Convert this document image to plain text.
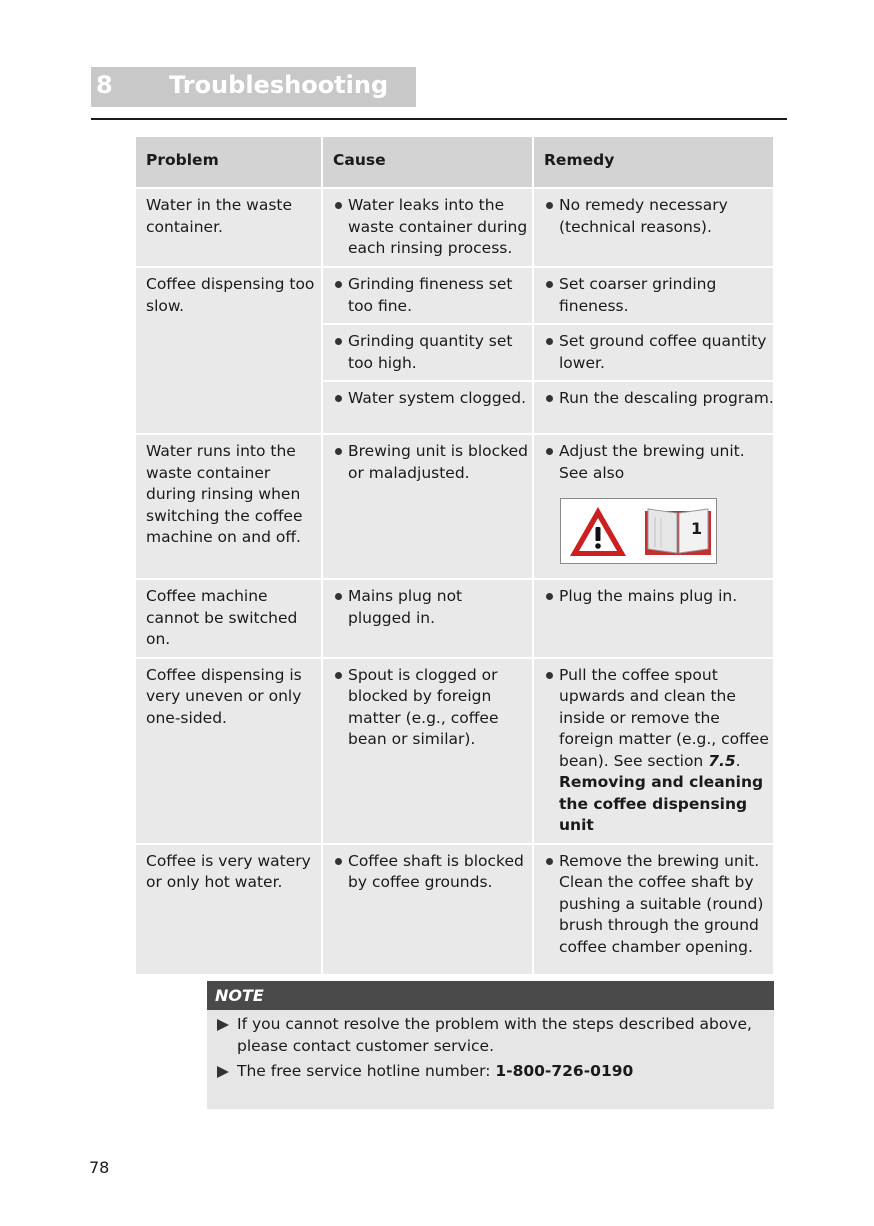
8 Troubleshooting
Problem	Cause	Remedy
Water in the waste container.	Water leaks into the waste container during each rinsing process.	No remedy necessary (technical reasons).

Coffee dispensing too slow.	Grinding fineness set too fine.	Set coarser grinding fineness.

	Grinding quantity set too high.	Set ground coffee quantity lower.

	Water system clogged.	Run the descaling program.

Water runs into the waste container during rinsing when switching the coffee machine on and off.	Brewing unit is blocked or maladjusted.	Adjust the brewing unit. See also
1

Coffee machine cannot be switched on.	Mains plug not plugged in.	Plug the mains plug in.

Coffee dispensing is very uneven or only one-sided.	Spout is clogged or blocked by foreign matter (e.g., coffee bean or similar).	Pull the coffee spout upwards and clean the inside or remove the foreign matter (e.g., coffee bean). See section 7.5.
Removing and cleaning the coffee dispensing unit

Coffee is very watery or only hot water.	Coffee shaft is blocked by coffee grounds.	Remove the brewing unit. Clean the coffee shaft by pushing a suitable (round) brush through the ground coffee chamber opening.
NOTE
If you cannot resolve the problem with the steps described above, please contact customer service.
The free service hotline number: 1-800-726-0190
78
